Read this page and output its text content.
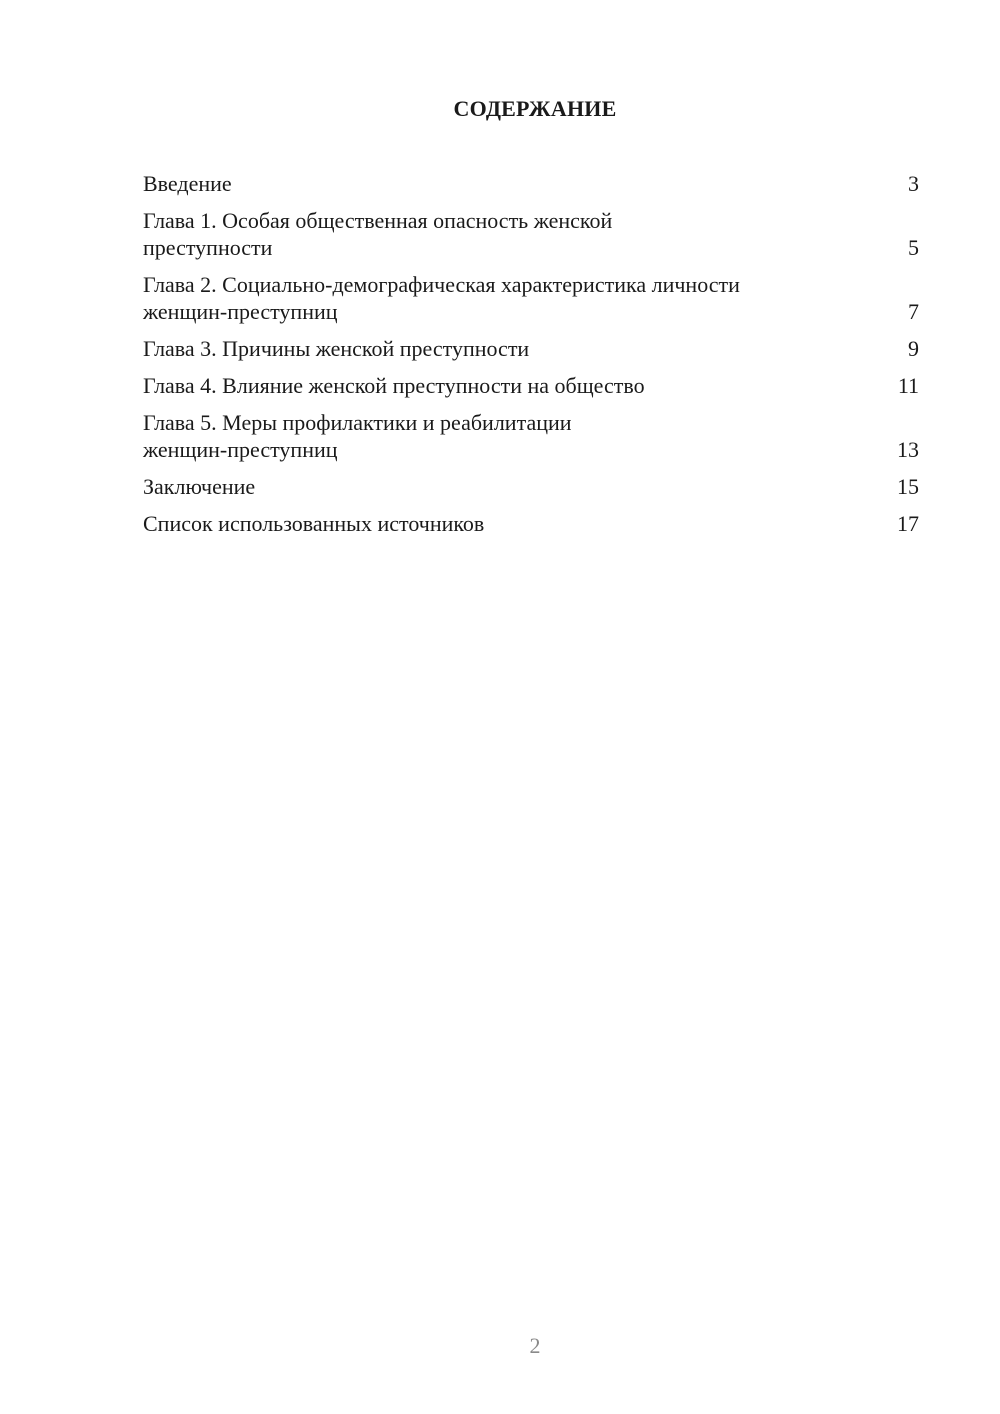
СОДЕРЖАНИЕ
Введение	3
Глава 1. Особая общественная опасность женской
преступности	5
Глава 2. Социально-демографическая характеристика личности
женщин-преступниц	7
Глава 3. Причины женской преступности	9
Глава 4. Влияние женской преступности на общество	11
Глава 5. Меры профилактики и реабилитации
женщин-преступниц	13
Заключение	15
Список использованных источников	17
2
